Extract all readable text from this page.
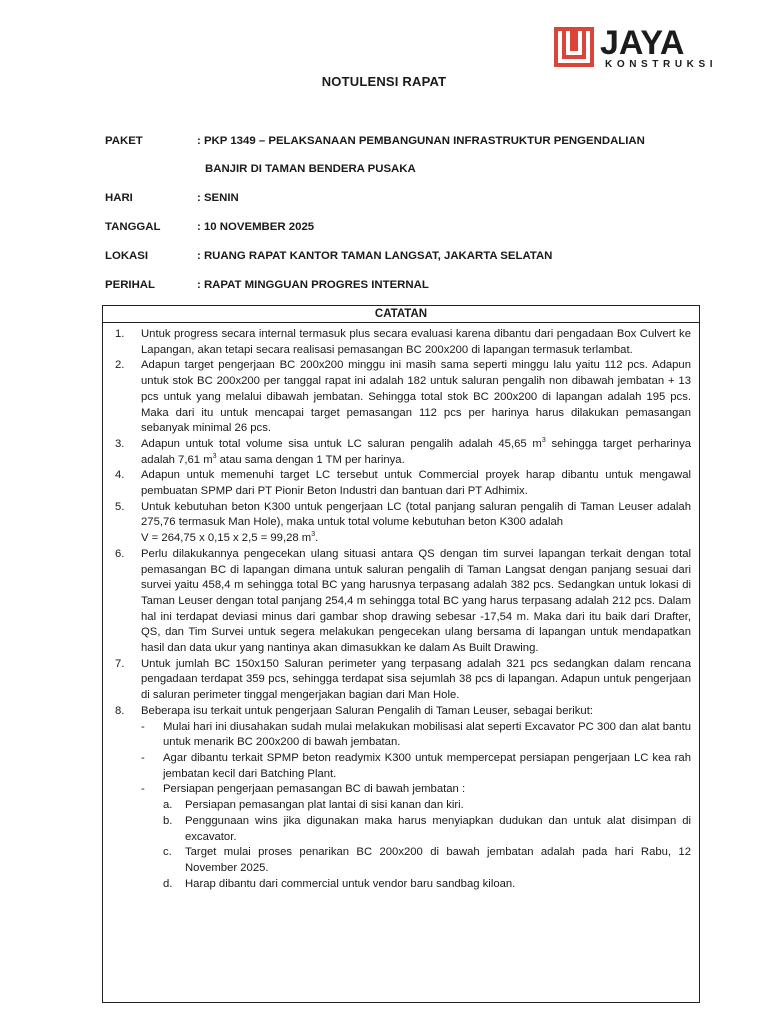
JAYA
KONSTRUKSI
NOTULENSI RAPAT
PAKET	: PKP 1349 – PELAKSANAAN PEMBANGUNAN INFRASTRUKTUR PENGENDALIAN
BANJIR DI TAMAN BENDERA PUSAKA
HARI	: SENIN
TANGGAL	: 10 NOVEMBER 2025
LOKASI	: RUANG RAPAT KANTOR TAMAN LANGSAT, JAKARTA SELATAN
PERIHAL	: RAPAT MINGGUAN PROGRES INTERNAL
CATATAN
1.	Untuk progress secara internal termasuk plus secara evaluasi karena dibantu dari pengadaan Box Culvert ke Lapangan, akan tetapi secara realisasi pemasangan BC 200x200 di lapangan termasuk terlambat.
2.	Adapun target pengerjaan BC 200x200 minggu ini masih sama seperti minggu lalu yaitu 112 pcs. Adapun untuk stok BC 200x200 per tanggal rapat ini adalah 182 untuk saluran pengalih non dibawah jembatan + 13 pcs untuk yang melalui dibawah jembatan. Sehingga total stok BC 200x200 di lapangan adalah 195 pcs. Maka dari itu untuk mencapai target pemasangan 112 pcs per harinya harus dilakukan pemasangan sebanyak minimal 26 pcs.
3.	Adapun untuk total volume sisa untuk LC saluran pengalih adalah 45,65 $m^3$ sehingga target perharinya adalah 7,61 $m^3$ atau sama dengan 1 TM per harinya.
4.	Adapun untuk memenuhi target LC tersebut untuk Commercial proyek harap dibantu untuk mengawal pembuatan SPMP dari PT Pionir Beton Industri dan bantuan dari PT Adhimix.
5.	Untuk kebutuhan beton K300 untuk pengerjaan LC (total panjang saluran pengalih di Taman Leuser adalah 275,76 termasuk Man Hole), maka untuk total volume kebutuhan beton K300 adalah
V = 264,75 x 0,15 x 2,5 = 99,28 $m^3$.
6.	Perlu dilakukannya pengecekan ulang situasi antara QS dengan tim survei lapangan terkait dengan total pemasangan BC di lapangan dimana untuk saluran pengalih di Taman Langsat dengan panjang sesuai dari survei yaitu 458,4 m sehingga total BC yang harusnya terpasang adalah 382 pcs. Sedangkan untuk lokasi di Taman Leuser dengan total panjang 254,4 m sehingga total BC yang harus terpasang adalah 212 pcs. Dalam hal ini terdapat deviasi minus dari gambar shop drawing sebesar -17,54 m. Maka dari itu baik dari Drafter, QS, dan Tim Survei untuk segera melakukan pengecekan ulang bersama di lapangan untuk mendapatkan hasil dan data ukur yang nantinya akan dimasukkan ke dalam As Built Drawing.
7.	Untuk jumlah BC 150x150 Saluran perimeter yang terpasang adalah 321 pcs sedangkan dalam rencana pengadaan terdapat 359 pcs, sehingga terdapat sisa sejumlah 38 pcs di lapangan. Adapun untuk pengerjaan di saluran perimeter tinggal mengerjakan bagian dari Man Hole.
8.	Beberapa isu terkait untuk pengerjaan Saluran Pengalih di Taman Leuser, sebagai berikut:
-	Mulai hari ini diusahakan sudah mulai melakukan mobilisasi alat seperti Excavator PC 300 dan alat bantu untuk menarik BC 200x200 di bawah jembatan.
-	Agar dibantu terkait SPMP beton readymix K300 untuk mempercepat persiapan pengerjaan LC kea rah jembatan kecil dari Batching Plant.
-	Persiapan pengerjaan pemasangan BC di bawah jembatan :
a.	Persiapan pemasangan plat lantai di sisi kanan dan kiri.
b.	Penggunaan wins jika digunakan maka harus menyiapkan dudukan dan untuk alat disimpan di excavator.
c.	Target mulai proses penarikan BC 200x200 di bawah jembatan adalah pada hari Rabu, 12 November 2025.
d.	Harap dibantu dari commercial untuk vendor baru sandbag kiloan.
